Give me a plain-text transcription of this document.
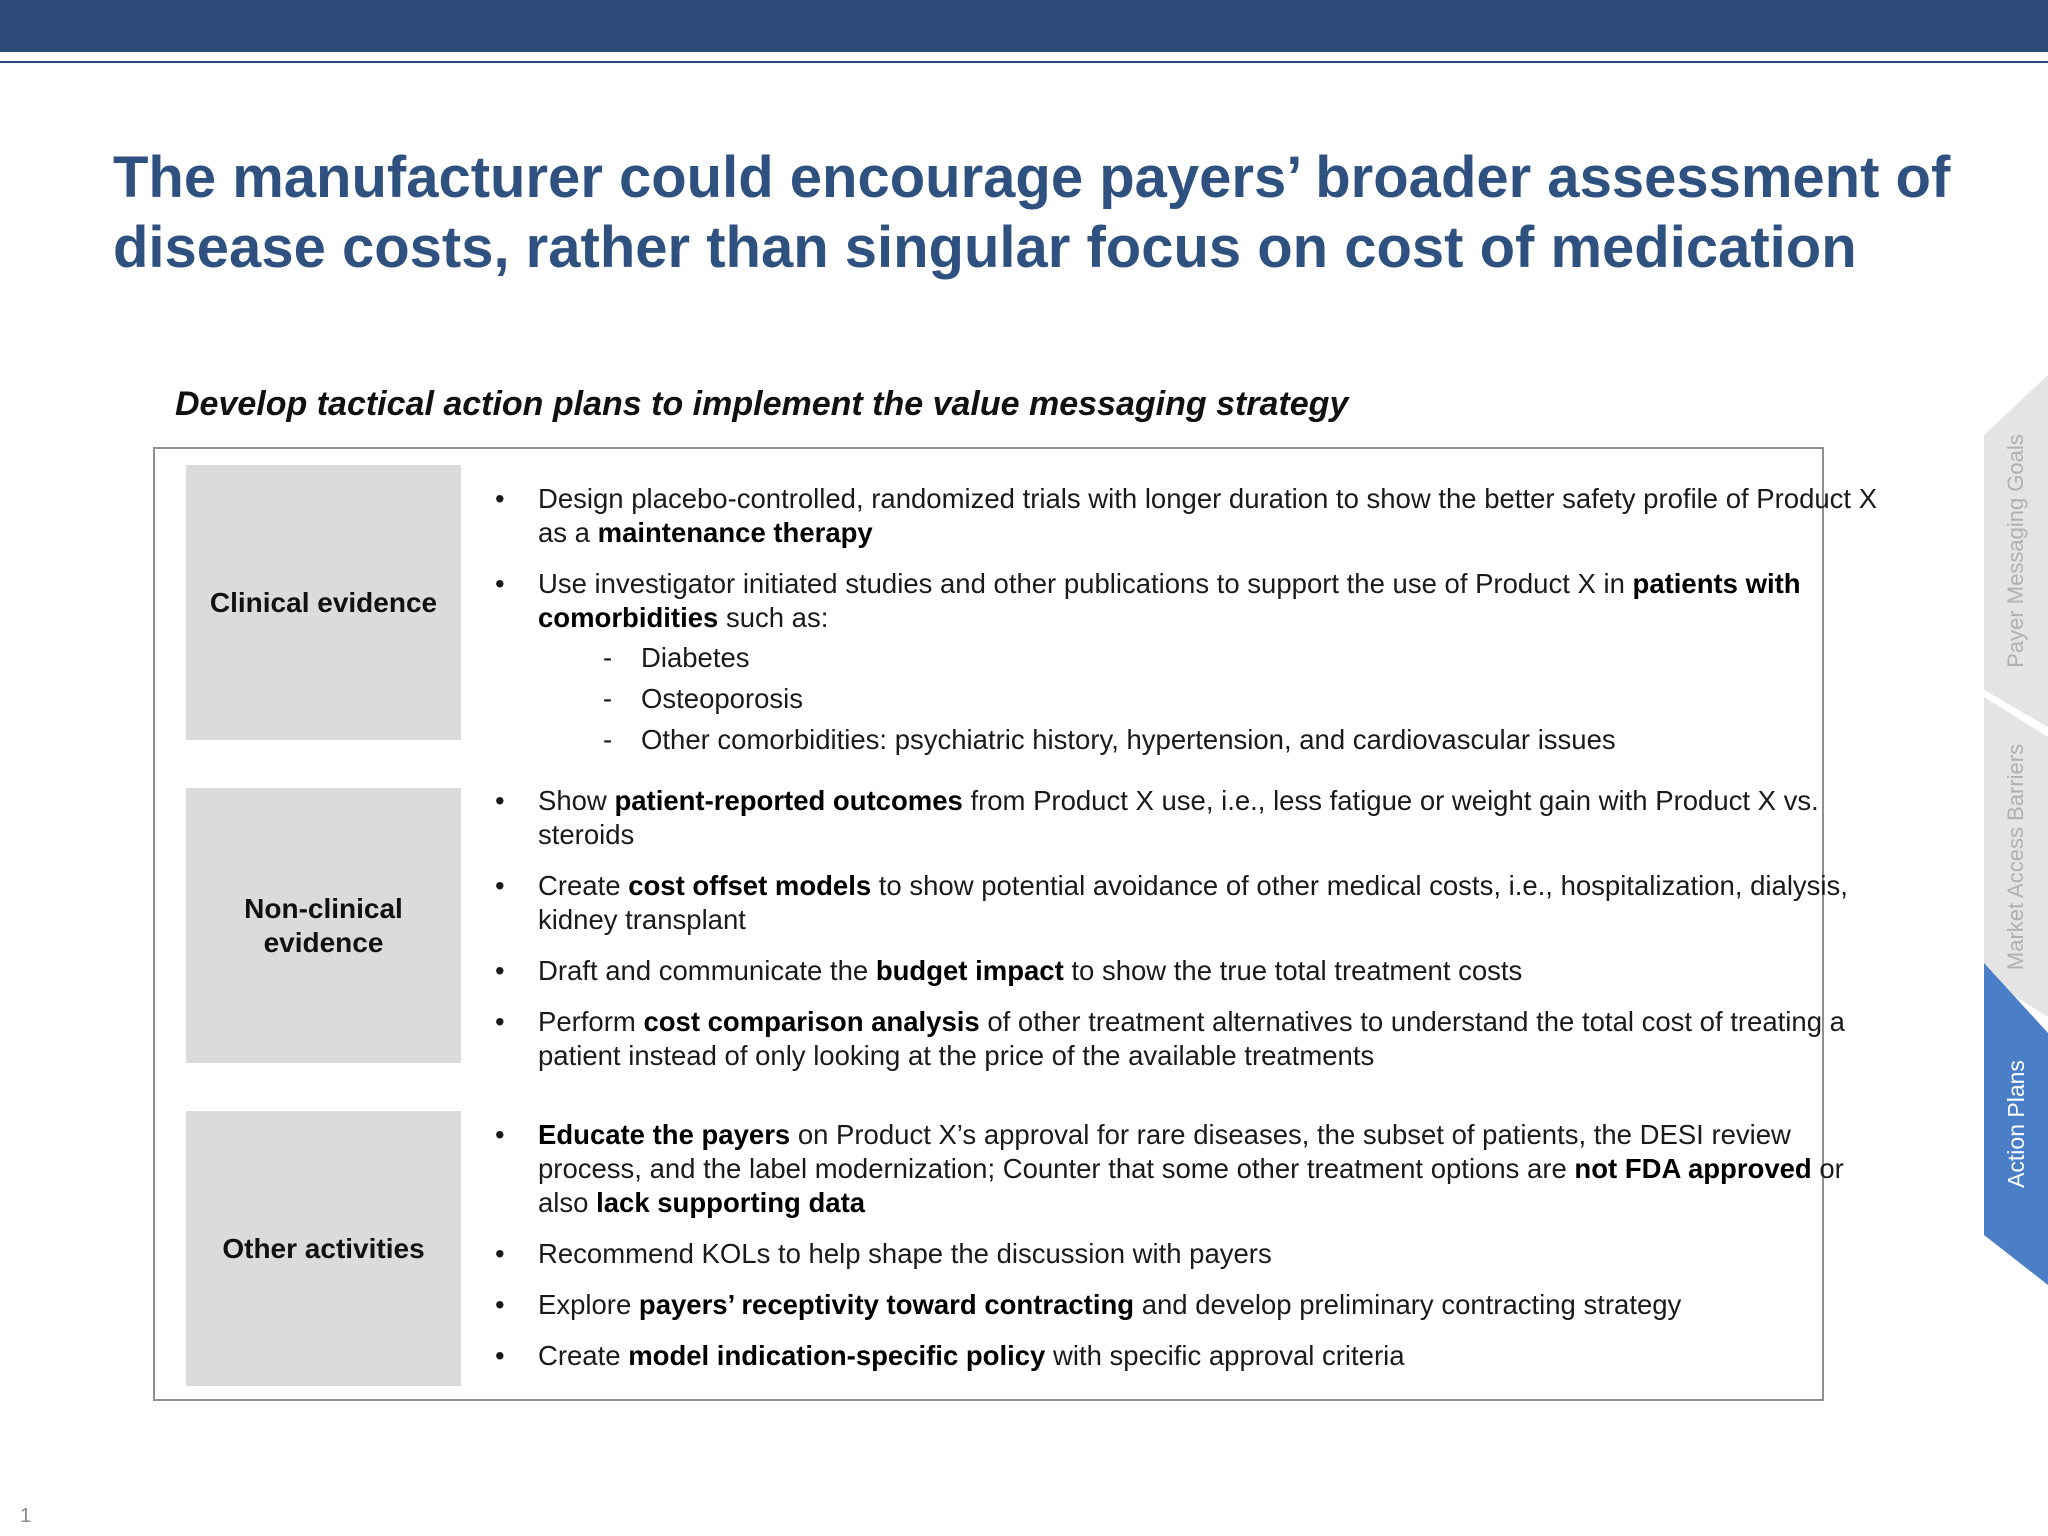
The manufacturer could encourage payers’ broader assessment of disease costs, rather than singular focus on cost of medication
Develop tactical action plans to implement the value messaging strategy
Clinical evidence
• Design placebo-controlled, randomized trials with longer duration to show the better safety profile of Product X as a maintenance therapy
• Use investigator initiated studies and other publications to support the use of Product X in patients with comorbidities such as:
- Diabetes
- Osteoporosis
- Other comorbidities: psychiatric history, hypertension, and cardiovascular issues
Non-clinical evidence
• Show patient-reported outcomes from Product X use, i.e., less fatigue or weight gain with Product X vs. steroids
• Create cost offset models to show potential avoidance of other medical costs, i.e., hospitalization, dialysis, kidney transplant
• Draft and communicate the budget impact to show the true total treatment costs
• Perform cost comparison analysis of other treatment alternatives to understand the total cost of treating a patient instead of only looking at the price of the available treatments
Other activities
• Educate the payers on Product X’s approval for rare diseases, the subset of patients, the DESI review process, and the label modernization; Counter that some other treatment options are not FDA approved or also lack supporting data
• Recommend KOLs to help shape the discussion with payers
• Explore payers’ receptivity toward contracting and develop preliminary contracting strategy
• Create model indication-specific policy with specific approval criteria
Payer Messaging Goals
Market Access Barriers
Action Plans
1
